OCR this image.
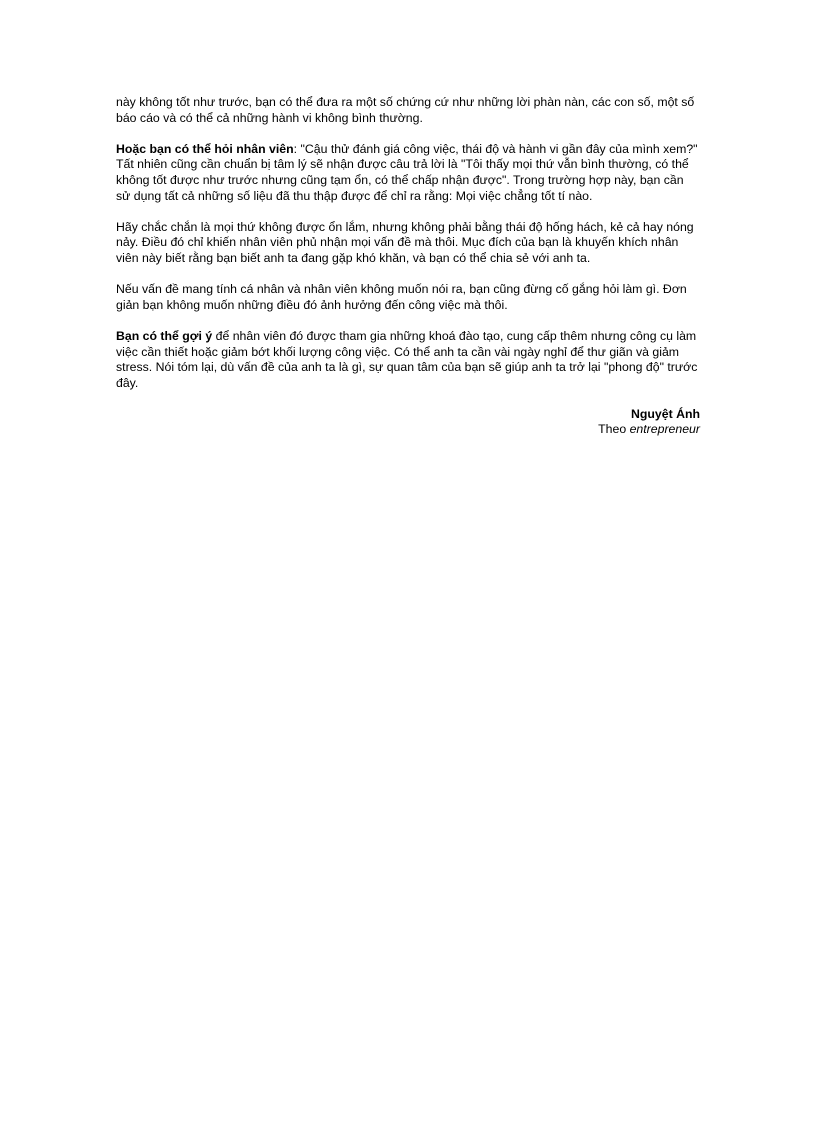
này không tốt như trước, bạn có thể đưa ra một số chứng cứ như những lời phàn nàn, các con số, một số báo cáo và có thể cả những hành vi không bình thường.

Hoặc bạn có thể hỏi nhân viên: "Cậu thử đánh giá công việc, thái độ và hành vi gần đây của mình xem?" Tất nhiên cũng cần chuẩn bị tâm lý sẽ nhận được câu trả lời là "Tôi thấy mọi thứ vẫn bình thường, có thể không tốt được như trước nhưng cũng tạm ổn, có thể chấp nhận được". Trong trường hợp này, bạn cần sử dụng tất cả những số liệu đã thu thập được để chỉ ra rằng: Mọi việc chẳng tốt tí nào.

Hãy chắc chắn là mọi thứ không được ổn lắm, nhưng không phải bằng thái độ hống hách, kẻ cả hay nóng nảy. Điều đó chỉ khiến nhân viên phủ nhận mọi vấn đề mà thôi. Mục đích của bạn là khuyến khích nhân viên này biết rằng bạn biết anh ta đang gặp khó khăn, và bạn có thể chia sẻ với anh ta.

Nếu vấn đề mang tính cá nhân và nhân viên không muốn nói ra, bạn cũng đừng cố gắng hỏi làm gì. Đơn giản bạn không muốn những điều đó ảnh hưởng đến công việc mà thôi.

Bạn có thể gợi ý để nhân viên đó được tham gia những khoá đào tạo, cung cấp thêm nhưng công cụ làm việc cần thiết hoặc giảm bớt khối lượng công việc. Có thể anh ta cần vài ngày nghỉ để thư giãn và giảm stress. Nói tóm lại, dù vấn đề của anh ta là gì, sự quan tâm của bạn sẽ giúp anh ta trở lại "phong độ" trước đây.

Nguyệt Ánh
Theo entrepreneur
